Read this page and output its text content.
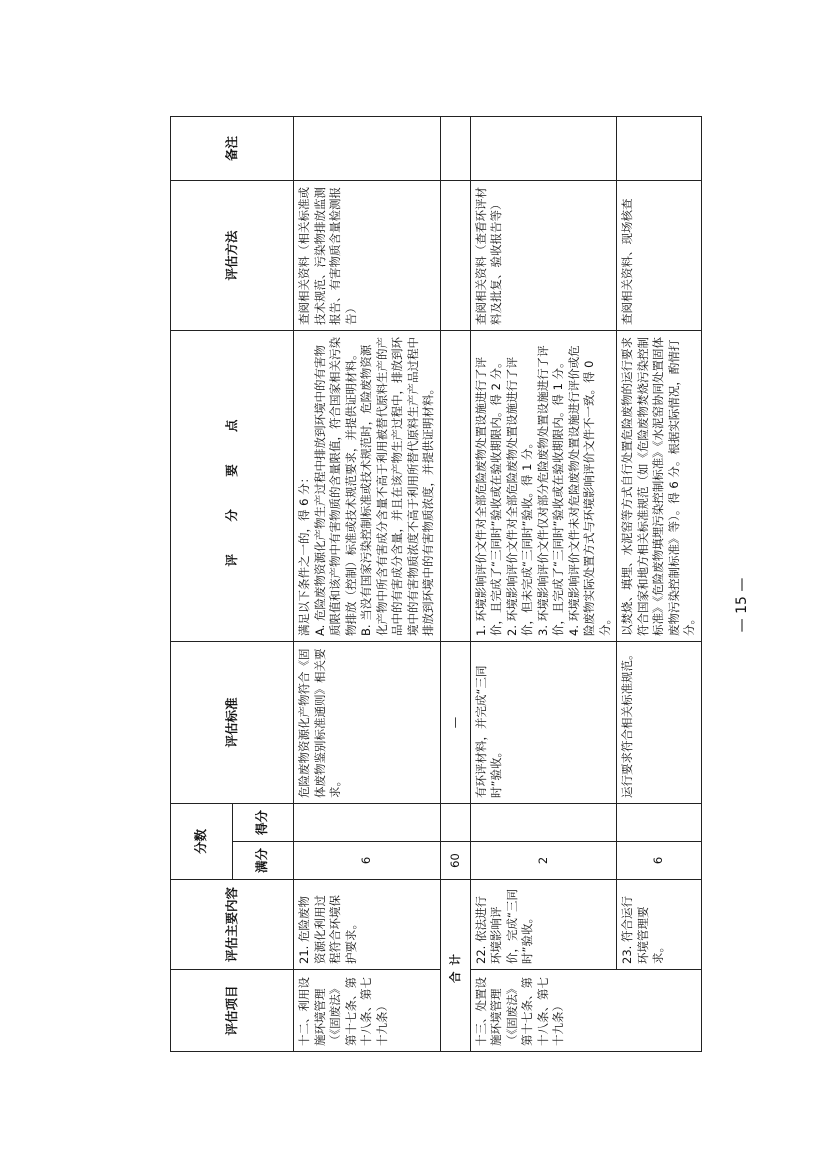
评估项目	评估主要内容	分数		评估标准	评 分 要 点	评估方法	备注
		满分	得分				
十二、利用设施环境管理（《固废法》第十七条、第十八条、第七十九条）	21. 危险废物资源化利用过程符合环境保护要求。	6		危险废物资源化产物符合《固体废物鉴别标准通则》相关要求。	满足以下条件之一的，得 6 分： A. 危险废物资源化产物生产过程中排放到环境中的有害物质限值和该产物中有害物质的含量限值，符合国家相关污染物排放（控制）标准或技术规范要求，并提供证明材料。 B. 当没有国家污染控制标准或技术规范时，危险废物资源化产物中所含有害成分含量不高于利用被替代原料生产的产品中的有害成分含量，并且在该产物生产过程中，排放到环境中的有害物质浓度不高于利用所替代原料生产产品过程中排放到环境中的有害物质浓度，并提供证明材料。	查阅相关资料（相关标准或技术规范、污染物排放监测报告、有害物质含量检测报告）	
合计		60		—			
十三、处置设施环境管理（《固废法》第十七条、第十八条、第七十九条）	22. 依法进行环境影响评价，完成“三同时”验收。	2		有环评材料，并完成“三同时”验收。	1. 环境影响评价文件对全部危险废物处置设施进行了评价，且完成了“三同时”验收或在验收期限内。得 2 分。 2. 环境影响评价文件对全部危险废物处置设施进行了评价，但未完成“三同时”验收。得 1 分。 3. 环境影响评价文件仅对部分危险废物处置设施进行了评价，且完成了“三同时”验收或在验收期限内。得 1 分。 4. 环境影响评价文件未对危险废物处置设施进行评价或危险废物实际处置方式与环境影响评价文件不一致。得 0 分。	查阅相关资料（查看环评材料及批复、验收报告等）	
	23. 符合运行环境管理要求。	6		运行要求符合相关标准规范。	以焚烧、填埋、水泥窑等方式自行处置危险废物的运行要求符合国家和地方相关标准规范（如《危险废物焚烧污染控制标准》《危险废物填埋污染控制标准》《水泥窑协同处置固体废物污染控制标准》等）。得 6 分。根据实际情况，酌情打分。	查阅相关资料、现场核查	
— 15 —
